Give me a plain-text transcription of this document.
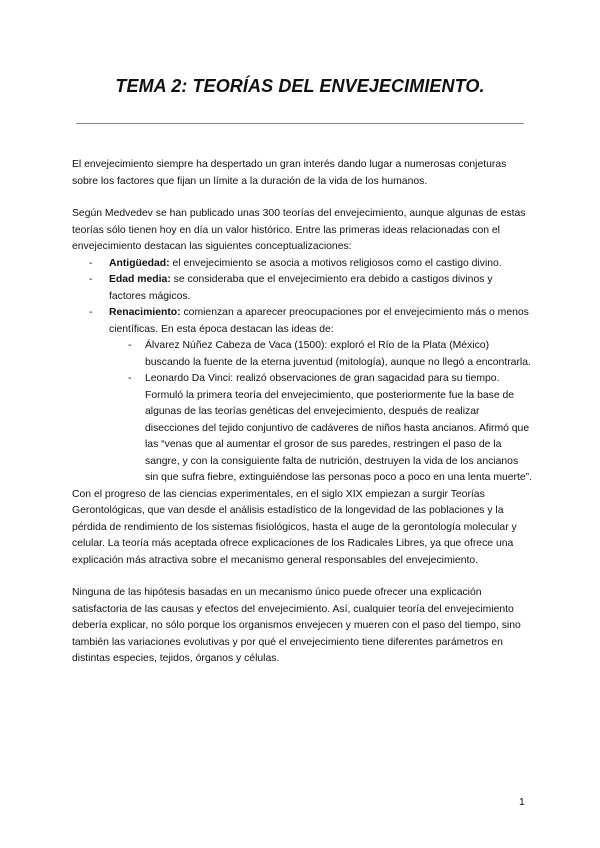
TEMA 2: TEORÍAS DEL ENVEJECIMIENTO.

El envejecimiento siempre ha despertado un gran interés dando lugar a numerosas conjeturas sobre los factores que fijan un límite a la duración de la vida de los humanos.

Según Medvedev se han publicado unas 300 teorías del envejecimiento, aunque algunas de estas teorías sólo tienen hoy en día un valor histórico. Entre las primeras ideas relacionadas con el envejecimiento destacan las siguientes conceptualizaciones:

- Antigüedad: el envejecimiento se asocia a motivos religiosos como el castigo divino.
- Edad media: se consideraba que el envejecimiento era debido a castigos divinos y factores mágicos.
- Renacimiento: comienzan a aparecer preocupaciones por el envejecimiento más o menos científicas. En esta época destacan las ideas de:
- Álvarez Núñez Cabeza de Vaca (1500): exploró el Río de la Plata (México) buscando la fuente de la eterna juventud (mitología), aunque no llegó a encontrarla.
- Leonardo Da Vinci: realizó observaciones de gran sagacidad para su tiempo. Formuló la primera teoría del envejecimiento, que posteriormente fue la base de algunas de las teorías genéticas del envejecimiento, después de realizar disecciones del tejido conjuntivo de cadáveres de niños hasta ancianos. Afirmó que las “venas que al aumentar el grosor de sus paredes, restringen el paso de la sangre, y con la consiguiente falta de nutrición, destruyen la vida de los ancianos sin que sufra fiebre, extinguiéndose las personas poco a poco en una lenta muerte”.

Con el progreso de las ciencias experimentales, en el siglo XIX empiezan a surgir Teorías Gerontológicas, que van desde el análisis estadístico de la longevidad de las poblaciones y la pérdida de rendimiento de los sistemas fisiológicos, hasta el auge de la gerontología molecular y celular. La teoría más aceptada ofrece explicaciones de los Radicales Libres, ya que ofrece una explicación más atractiva sobre el mecanismo general responsables del envejecimiento.

Ninguna de las hipótesis basadas en un mecanismo único puede ofrecer una explicación satisfactoria de las causas y efectos del envejecimiento. Así, cualquier teoría del envejecimiento debería explicar, no sólo porque los organismos envejecen y mueren con el paso del tiempo, sino también las variaciones evolutivas y por qué el envejecimiento tiene diferentes parámetros en distintas especies, tejidos, órganos y células.

1
